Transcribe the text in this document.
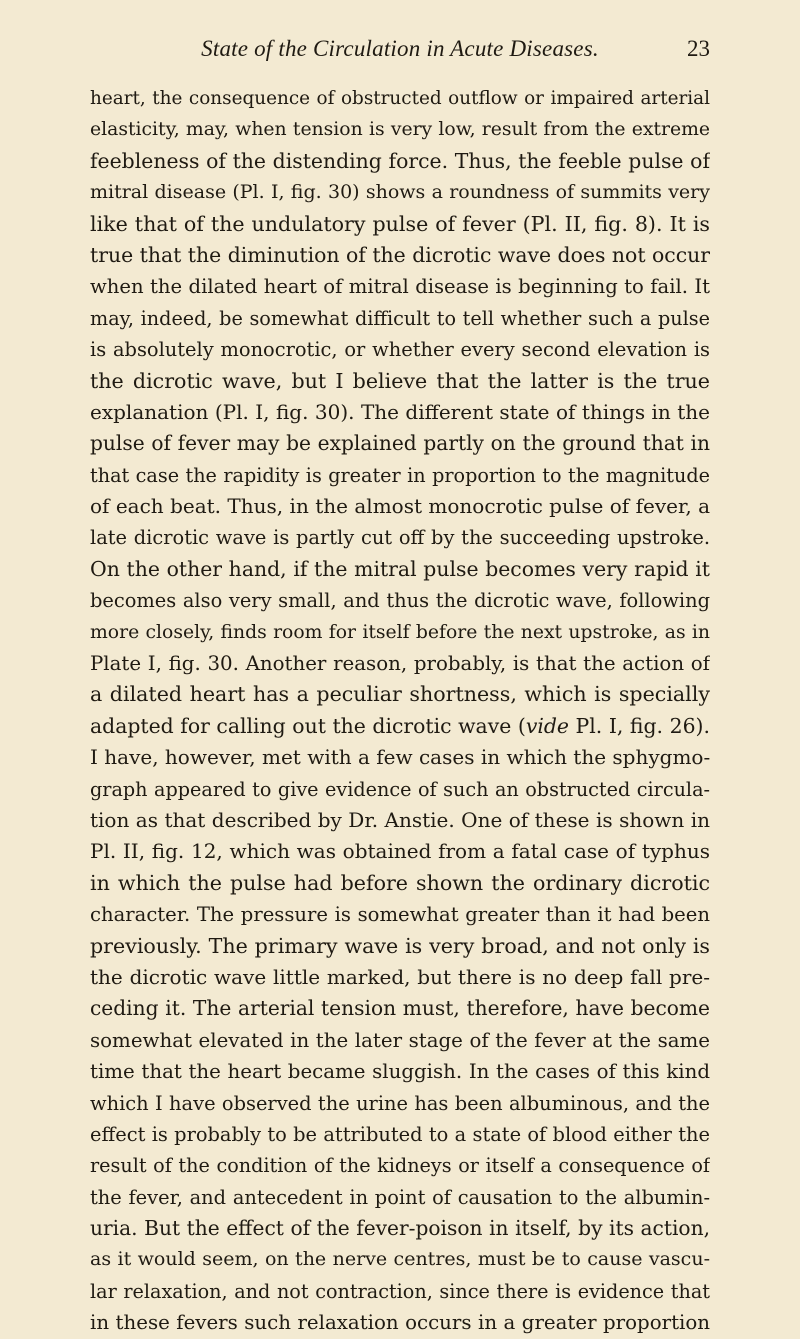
State of the Circulation in Acute Diseases.	23
heart, the consequence of obstructed outflow or impaired arterial
elasticity, may, when tension is very low, result from the extreme
feebleness of the distending force. Thus, the feeble pulse of
mitral disease (Pl. I, fig. 30) shows a roundness of summits very
like that of the undulatory pulse of fever (Pl. II, fig. 8). It is
true that the diminution of the dicrotic wave does not occur
when the dilated heart of mitral disease is beginning to fail. It
may, indeed, be somewhat difficult to tell whether such a pulse
is absolutely monocrotic, or whether every second elevation is
the dicrotic wave, but I believe that the latter is the true
explanation (Pl. I, fig. 30). The different state of things in the
pulse of fever may be explained partly on the ground that in
that case the rapidity is greater in proportion to the magnitude
of each beat. Thus, in the almost monocrotic pulse of fever, a
late dicrotic wave is partly cut off by the succeeding upstroke.
On the other hand, if the mitral pulse becomes very rapid it
becomes also very small, and thus the dicrotic wave, following
more closely, finds room for itself before the next upstroke, as in
Plate I, fig. 30. Another reason, probably, is that the action of
a dilated heart has a peculiar shortness, which is specially
adapted for calling out the dicrotic wave (vide Pl. I, fig. 26).
I have, however, met with a few cases in which the sphygmo-
graph appeared to give evidence of such an obstructed circula-
tion as that described by Dr. Anstie. One of these is shown in
Pl. II, fig. 12, which was obtained from a fatal case of typhus
in which the pulse had before shown the ordinary dicrotic
character. The pressure is somewhat greater than it had been
previously. The primary wave is very broad, and not only is
the dicrotic wave little marked, but there is no deep fall pre-
ceding it. The arterial tension must, therefore, have become
somewhat elevated in the later stage of the fever at the same
time that the heart became sluggish. In the cases of this kind
which I have observed the urine has been albuminous, and the
effect is probably to be attributed to a state of blood either the
result of the condition of the kidneys or itself a consequence of
the fever, and antecedent in point of causation to the albumin-
uria. But the effect of the fever-poison in itself, by its action,
as it would seem, on the nerve centres, must be to cause vascu-
lar relaxation, and not contraction, since there is evidence that
in these fevers such relaxation occurs in a greater proportion
